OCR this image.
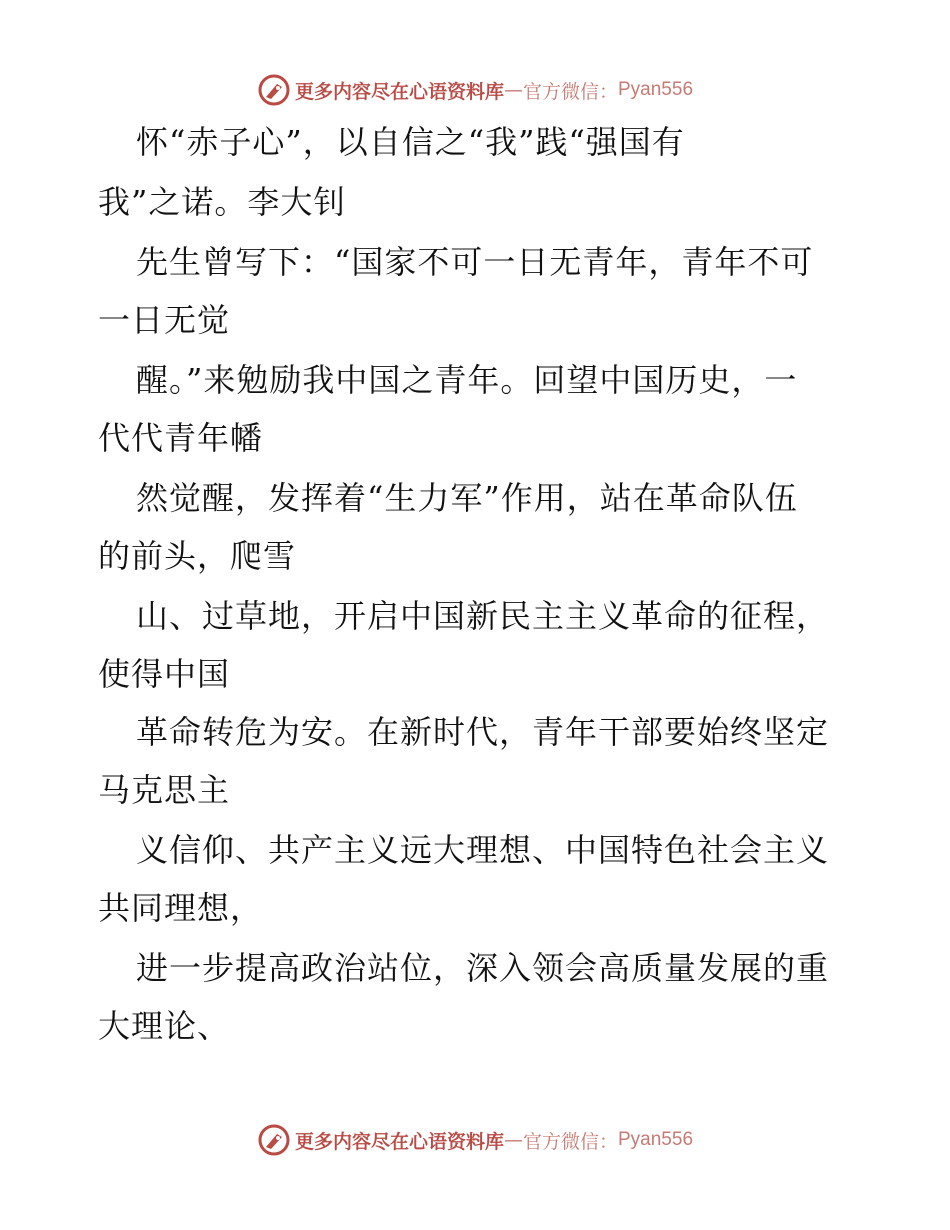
更多内容尽在心语资料库 — 官方微信： Pyan556
怀“赤子心”，以自信之“我”践“强国有
我”之诺。李大钊
先生曾写下：“国家不可一日无青年，青年不可
一日无觉
醒。”来勉励我中国之青年。回望中国历史，一
代代青年幡
然觉醒，发挥着“生力军”作用，站在革命队伍
的前头，爬雪
山、过草地，开启中国新民主主义革命的征程，
使得中国
革命转危为安。在新时代，青年干部要始终坚定
马克思主
义信仰、共产主义远大理想、中国特色社会主义
共同理想，
进一步提高政治站位，深入领会高质量发展的重
大理论、
更多内容尽在心语资料库 — 官方微信： Pyan556
